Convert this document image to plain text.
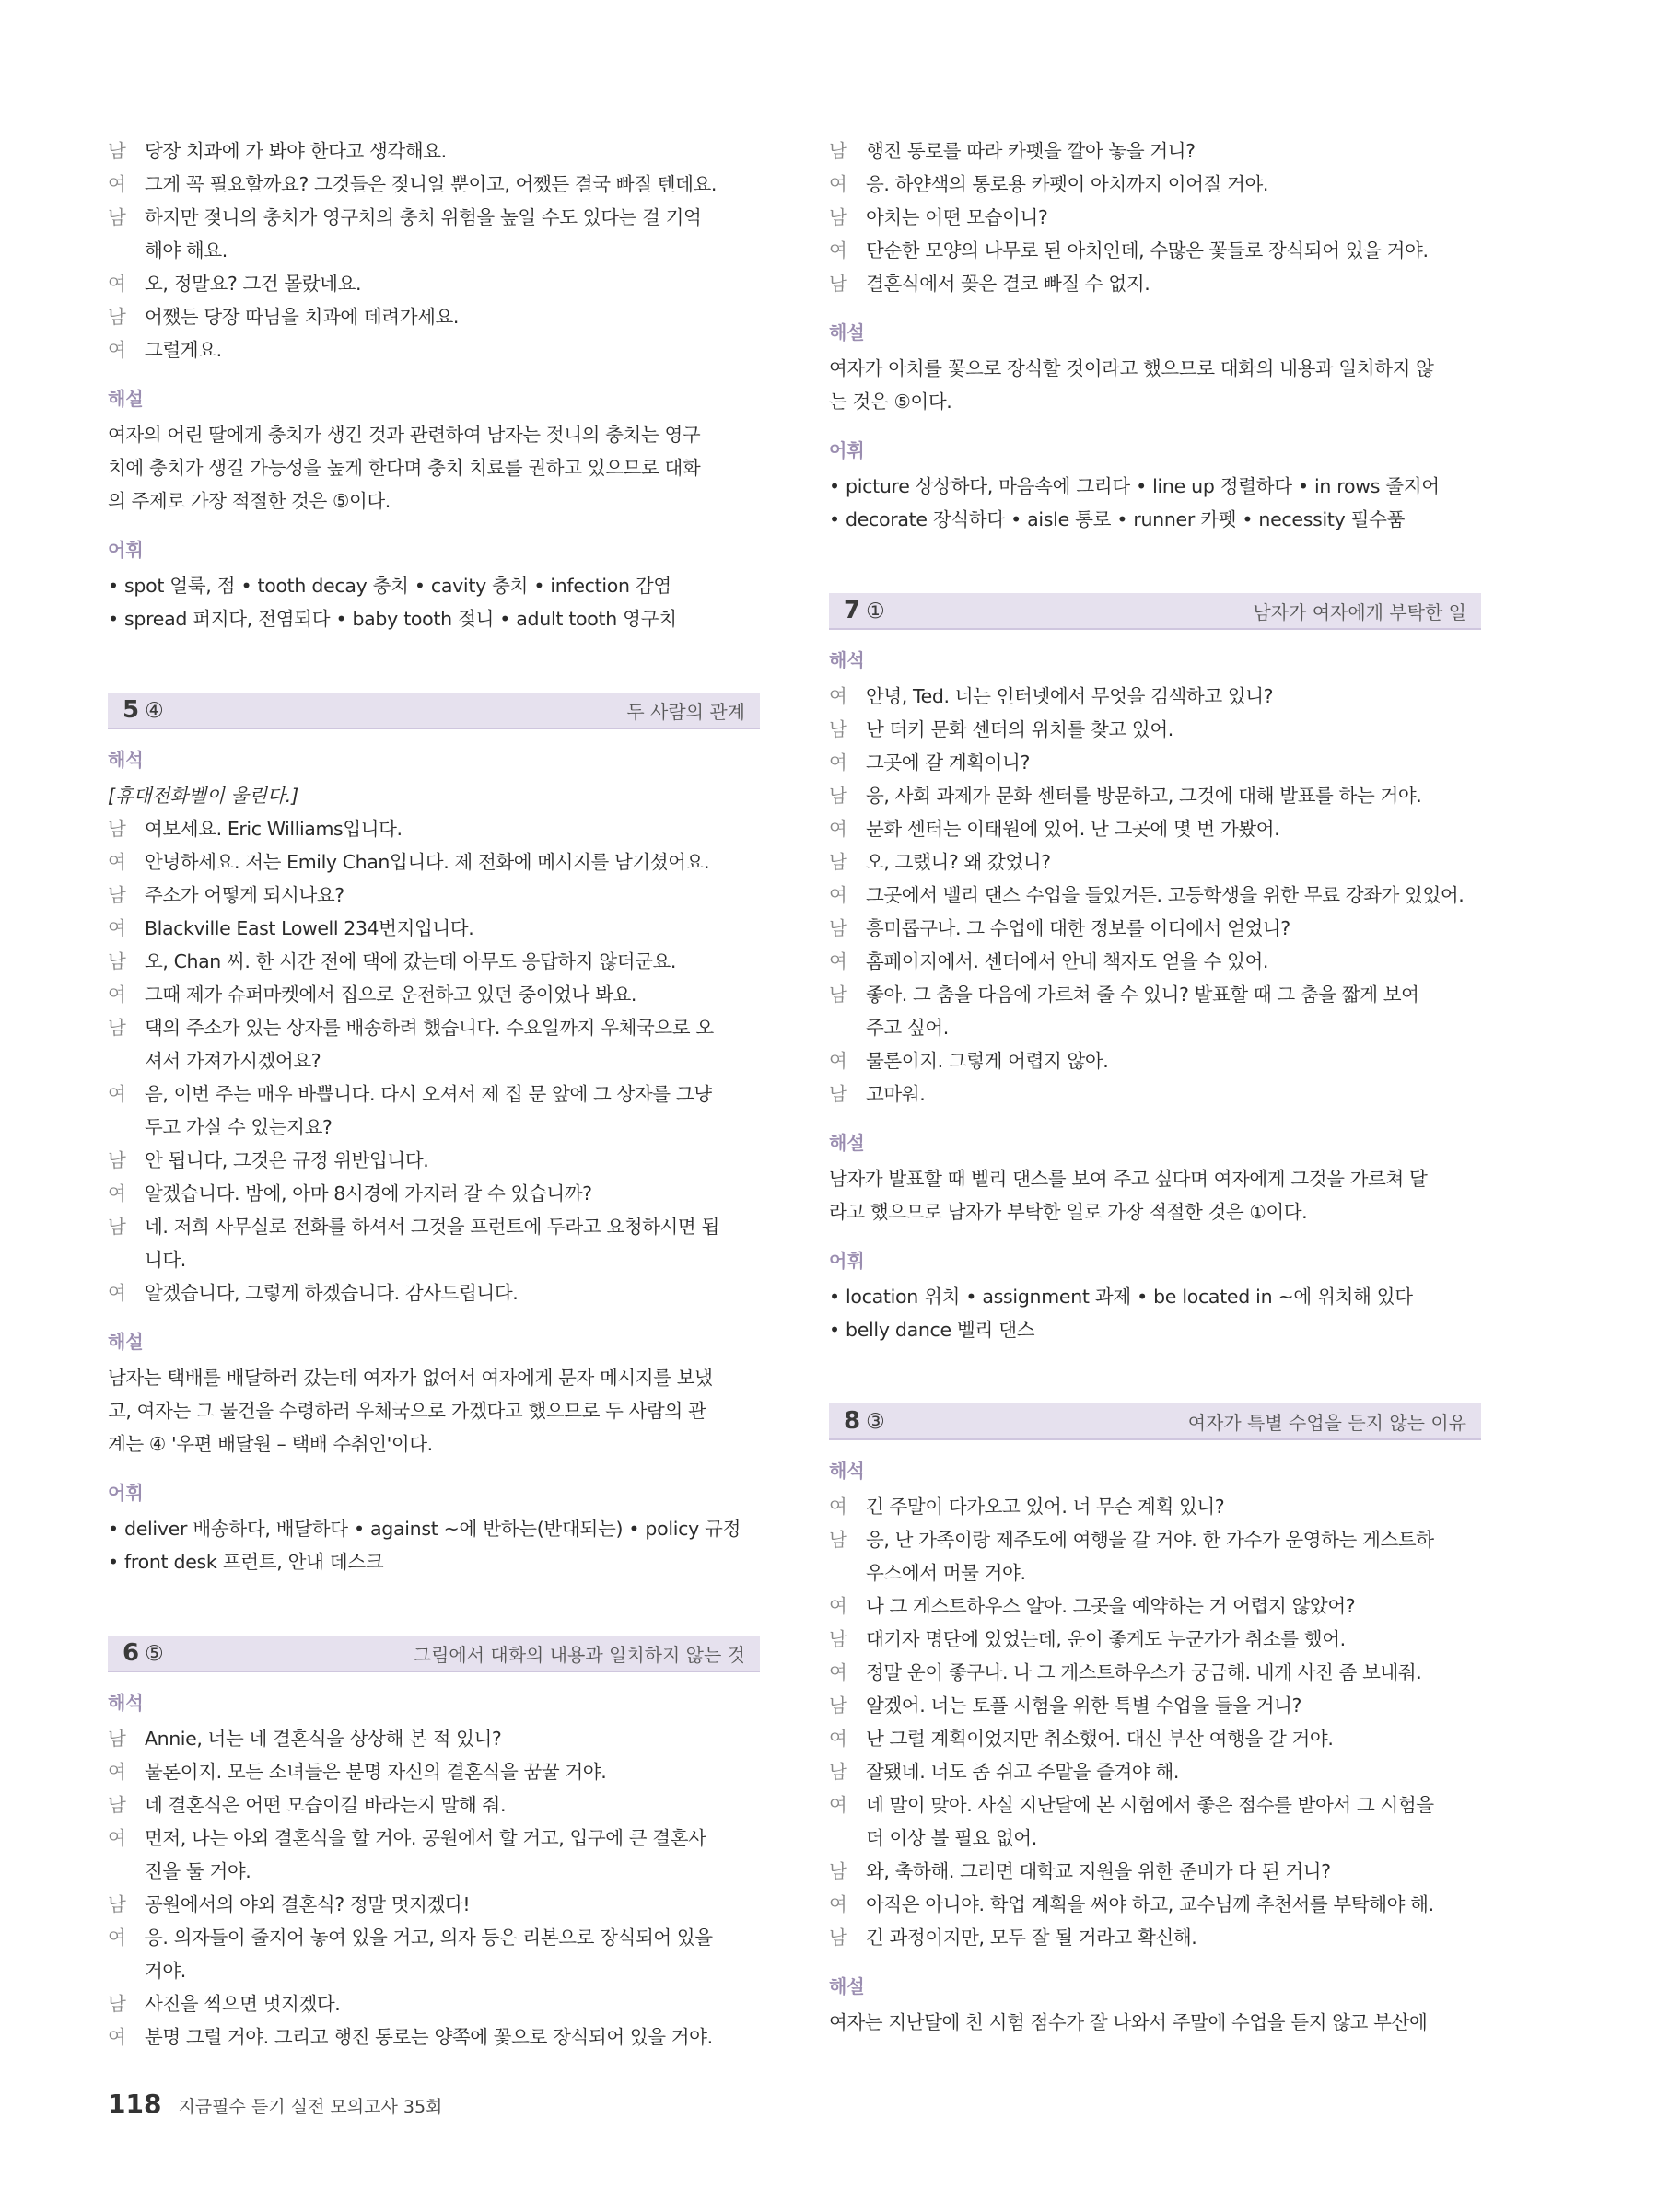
남	당장 치과에 가 봐야 한다고 생각해요.
여	그게 꼭 필요할까요? 그것들은 젖니일 뿐이고, 어쨌든 결국 빠질 텐데요.
남	하지만 젖니의 충치가 영구치의 충치 위험을 높일 수도 있다는 걸 기억
해야 해요.
여	오, 정말요? 그건 몰랐네요.
남	어쨌든 당장 따님을 치과에 데려가세요.
여	그럴게요.
해설
여자의 어린 딸에게 충치가 생긴 것과 관련하여 남자는 젖니의 충치는 영구
치에 충치가 생길 가능성을 높게 한다며 충치 치료를 권하고 있으므로 대화
의 주제로 가장 적절한 것은 ⑤이다.
어휘
• spot 얼룩, 점 • tooth decay 충치 • cavity 충치 • infection 감염
• spread 퍼지다, 전염되다 • baby tooth 젖니 • adult tooth 영구치
5 ④	두 사람의 관계
해석
[휴대전화벨이 울린다.]
남	여보세요. Eric Williams입니다.
여	안녕하세요. 저는 Emily Chan입니다. 제 전화에 메시지를 남기셨어요.
남	주소가 어떻게 되시나요?
여	Blackville East Lowell 234번지입니다.
남	오, Chan 씨. 한 시간 전에 댁에 갔는데 아무도 응답하지 않더군요.
여	그때 제가 슈퍼마켓에서 집으로 운전하고 있던 중이었나 봐요.
남	댁의 주소가 있는 상자를 배송하려 했습니다. 수요일까지 우체국으로 오
셔서 가져가시겠어요?
여	음, 이번 주는 매우 바쁩니다. 다시 오셔서 제 집 문 앞에 그 상자를 그냥
두고 가실 수 있는지요?
남	안 됩니다, 그것은 규정 위반입니다.
여	알겠습니다. 밤에, 아마 8시경에 가지러 갈 수 있습니까?
남	네. 저희 사무실로 전화를 하셔서 그것을 프런트에 두라고 요청하시면 됩
니다.
여	알겠습니다, 그렇게 하겠습니다. 감사드립니다.
해설
남자는 택배를 배달하러 갔는데 여자가 없어서 여자에게 문자 메시지를 보냈
고, 여자는 그 물건을 수령하러 우체국으로 가겠다고 했으므로 두 사람의 관
계는 ④ '우편 배달원 – 택배 수취인'이다.
어휘
• deliver 배송하다, 배달하다 • against ~에 반하는(반대되는) • policy 규정
• front desk 프런트, 안내 데스크
6 ⑤	그림에서 대화의 내용과 일치하지 않는 것
해석
남	Annie, 너는 네 결혼식을 상상해 본 적 있니?
여	물론이지. 모든 소녀들은 분명 자신의 결혼식을 꿈꿀 거야.
남	네 결혼식은 어떤 모습이길 바라는지 말해 줘.
여	먼저, 나는 야외 결혼식을 할 거야. 공원에서 할 거고, 입구에 큰 결혼사
진을 둘 거야.
남	공원에서의 야외 결혼식? 정말 멋지겠다!
여	응. 의자들이 줄지어 놓여 있을 거고, 의자 등은 리본으로 장식되어 있을
거야.
남	사진을 찍으면 멋지겠다.
여	분명 그럴 거야. 그리고 행진 통로는 양쪽에 꽃으로 장식되어 있을 거야.
남	행진 통로를 따라 카펫을 깔아 놓을 거니?
여	응. 하얀색의 통로용 카펫이 아치까지 이어질 거야.
남	아치는 어떤 모습이니?
여	단순한 모양의 나무로 된 아치인데, 수많은 꽃들로 장식되어 있을 거야.
남	결혼식에서 꽃은 결코 빠질 수 없지.
해설
여자가 아치를 꽃으로 장식할 것이라고 했으므로 대화의 내용과 일치하지 않
는 것은 ⑤이다.
어휘
• picture 상상하다, 마음속에 그리다 • line up 정렬하다 • in rows 줄지어
• decorate 장식하다 • aisle 통로 • runner 카펫 • necessity 필수품
7 ①	남자가 여자에게 부탁한 일
해석
여	안녕, Ted. 너는 인터넷에서 무엇을 검색하고 있니?
남	난 터키 문화 센터의 위치를 찾고 있어.
여	그곳에 갈 계획이니?
남	응, 사회 과제가 문화 센터를 방문하고, 그것에 대해 발표를 하는 거야.
여	문화 센터는 이태원에 있어. 난 그곳에 몇 번 가봤어.
남	오, 그랬니? 왜 갔었니?
여	그곳에서 벨리 댄스 수업을 들었거든. 고등학생을 위한 무료 강좌가 있었어.
남	흥미롭구나. 그 수업에 대한 정보를 어디에서 얻었니?
여	홈페이지에서. 센터에서 안내 책자도 얻을 수 있어.
남	좋아. 그 춤을 다음에 가르쳐 줄 수 있니? 발표할 때 그 춤을 짧게 보여
주고 싶어.
여	물론이지. 그렇게 어렵지 않아.
남	고마워.
해설
남자가 발표할 때 벨리 댄스를 보여 주고 싶다며 여자에게 그것을 가르쳐 달
라고 했으므로 남자가 부탁한 일로 가장 적절한 것은 ①이다.
어휘
• location 위치 • assignment 과제 • be located in ~에 위치해 있다
• belly dance 벨리 댄스
8 ③	여자가 특별 수업을 듣지 않는 이유
해석
여	긴 주말이 다가오고 있어. 너 무슨 계획 있니?
남	응, 난 가족이랑 제주도에 여행을 갈 거야. 한 가수가 운영하는 게스트하
우스에서 머물 거야.
여	나 그 게스트하우스 알아. 그곳을 예약하는 거 어렵지 않았어?
남	대기자 명단에 있었는데, 운이 좋게도 누군가가 취소를 했어.
여	정말 운이 좋구나. 나 그 게스트하우스가 궁금해. 내게 사진 좀 보내줘.
남	알겠어. 너는 토플 시험을 위한 특별 수업을 들을 거니?
여	난 그럴 계획이었지만 취소했어. 대신 부산 여행을 갈 거야.
남	잘됐네. 너도 좀 쉬고 주말을 즐겨야 해.
여	네 말이 맞아. 사실 지난달에 본 시험에서 좋은 점수를 받아서 그 시험을
더 이상 볼 필요 없어.
남	와, 축하해. 그러면 대학교 지원을 위한 준비가 다 된 거니?
여	아직은 아니야. 학업 계획을 써야 하고, 교수님께 추천서를 부탁해야 해.
남	긴 과정이지만, 모두 잘 될 거라고 확신해.
해설
여자는 지난달에 친 시험 점수가 잘 나와서 주말에 수업을 듣지 않고 부산에
118 지금필수 듣기 실전 모의고사 35회
